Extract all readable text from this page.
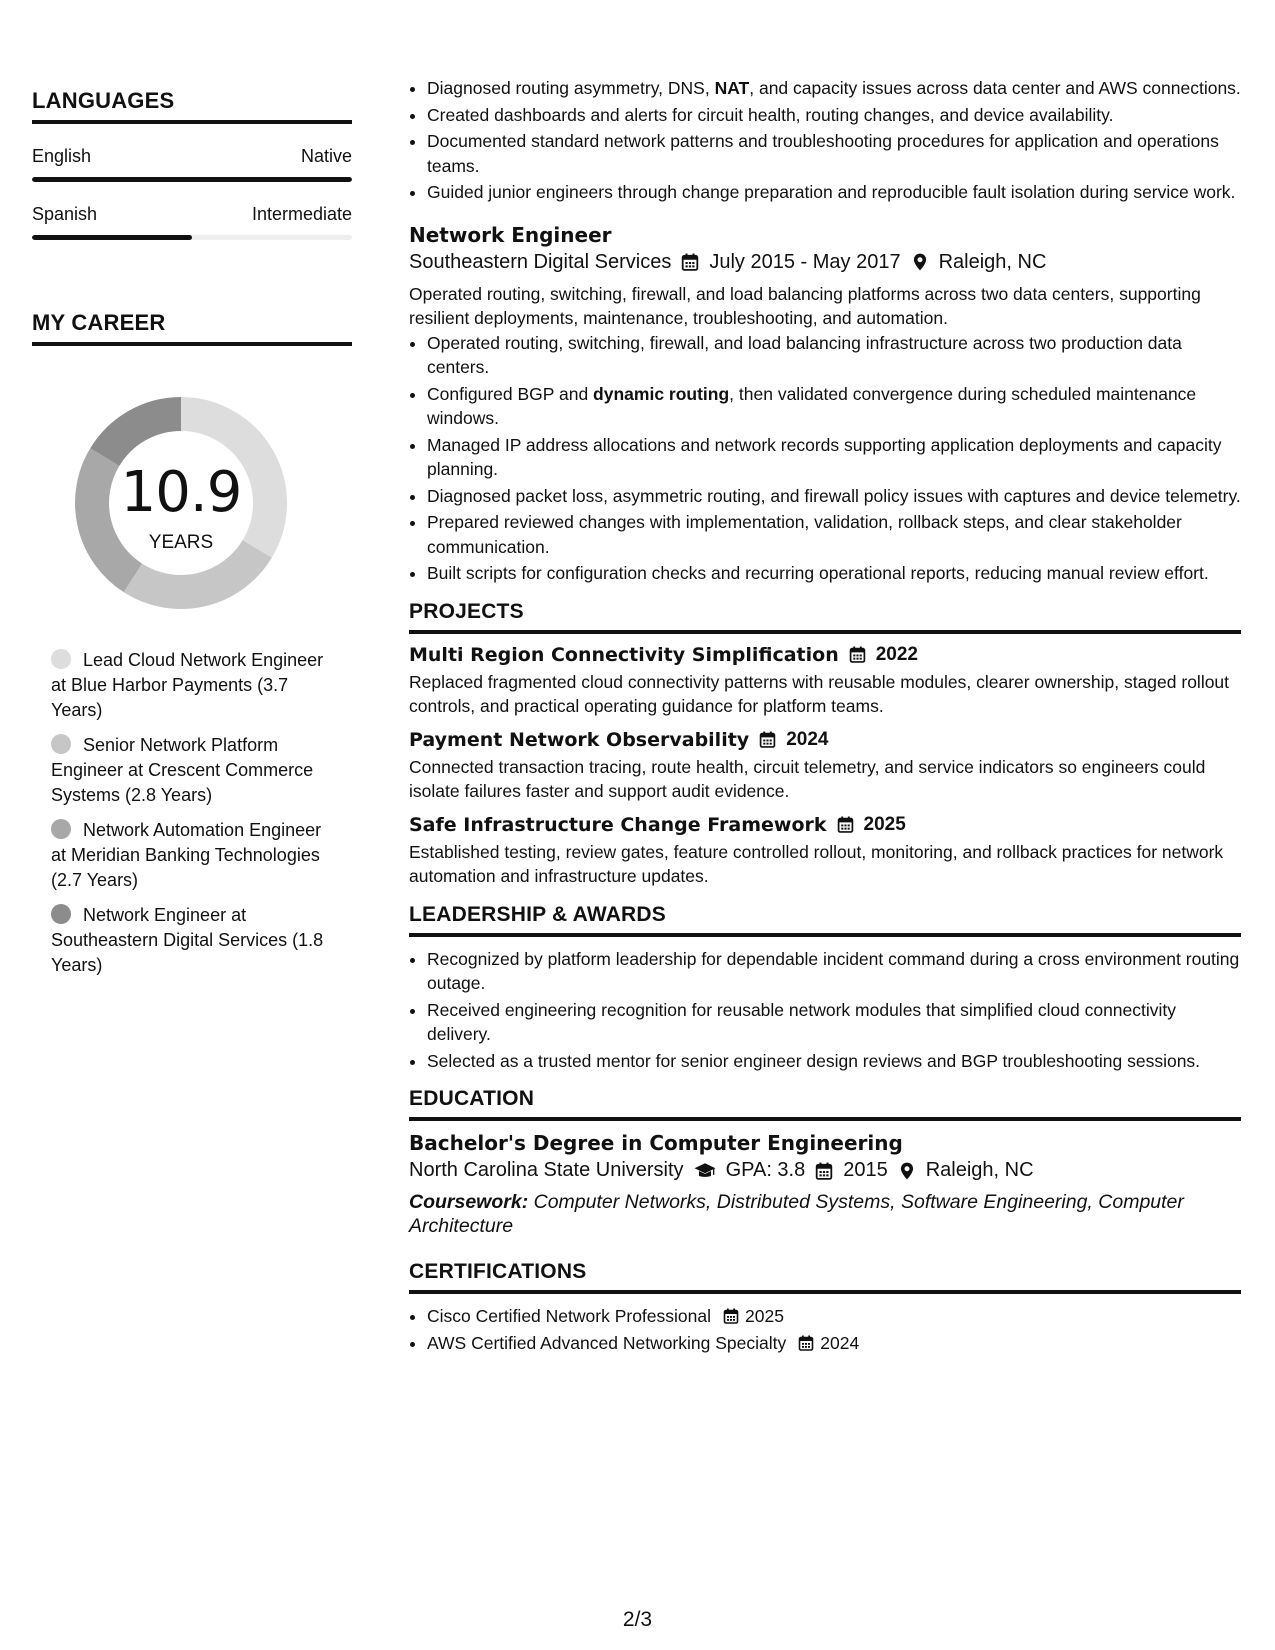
LANGUAGES
English	Native
Spanish	Intermediate
MY CAREER
10.9
YEARS
Lead Cloud Network Engineer at Blue Harbor Payments (3.7 Years)
Senior Network Platform Engineer at Crescent Commerce Systems (2.8 Years)
Network Automation Engineer at Meridian Banking Technologies (2.7 Years)
Network Engineer at Southeastern Digital Services (1.8 Years)
• Diagnosed routing asymmetry, DNS, NAT, and capacity issues across data center and AWS connections.
• Created dashboards and alerts for circuit health, routing changes, and device availability.
• Documented standard network patterns and troubleshooting procedures for application and operations teams.
• Guided junior engineers through change preparation and reproducible fault isolation during service work.
Network Engineer
Southeastern Digital Services July 2015 - May 2017 Raleigh, NC

Operated routing, switching, firewall, and load balancing platforms across two data centers, supporting resilient deployments, maintenance, troubleshooting, and automation.

• Operated routing, switching, firewall, and load balancing infrastructure across two production data centers.
• Configured BGP and dynamic routing, then validated convergence during scheduled maintenance windows.
• Managed IP address allocations and network records supporting application deployments and capacity planning.
• Diagnosed packet loss, asymmetric routing, and firewall policy issues with captures and device telemetry.
• Prepared reviewed changes with implementation, validation, rollback steps, and clear stakeholder communication.
• Built scripts for configuration checks and recurring operational reports, reducing manual review effort.
PROJECTS
Multi Region Connectivity Simplification 2022

Replaced fragmented cloud connectivity patterns with reusable modules, clearer ownership, staged rollout controls, and practical operating guidance for platform teams.

Payment Network Observability 2024

Connected transaction tracing, route health, circuit telemetry, and service indicators so engineers could isolate failures faster and support audit evidence.

Safe Infrastructure Change Framework 2025

Established testing, review gates, feature controlled rollout, monitoring, and rollback practices for network automation and infrastructure updates.

LEADERSHIP & AWARDS
• Recognized by platform leadership for dependable incident command during a cross environment routing outage.
• Received engineering recognition for reusable network modules that simplified cloud connectivity delivery.
• Selected as a trusted mentor for senior engineer design reviews and BGP troubleshooting sessions.
EDUCATION
Bachelor's Degree in Computer Engineering
North Carolina State University GPA: 3.8 2015 Raleigh, NC
Coursework: Computer Networks, Distributed Systems, Software Engineering, Computer Architecture
CERTIFICATIONS
• Cisco Certified Network Professional 2025
• AWS Certified Advanced Networking Specialty 2024
2/3
